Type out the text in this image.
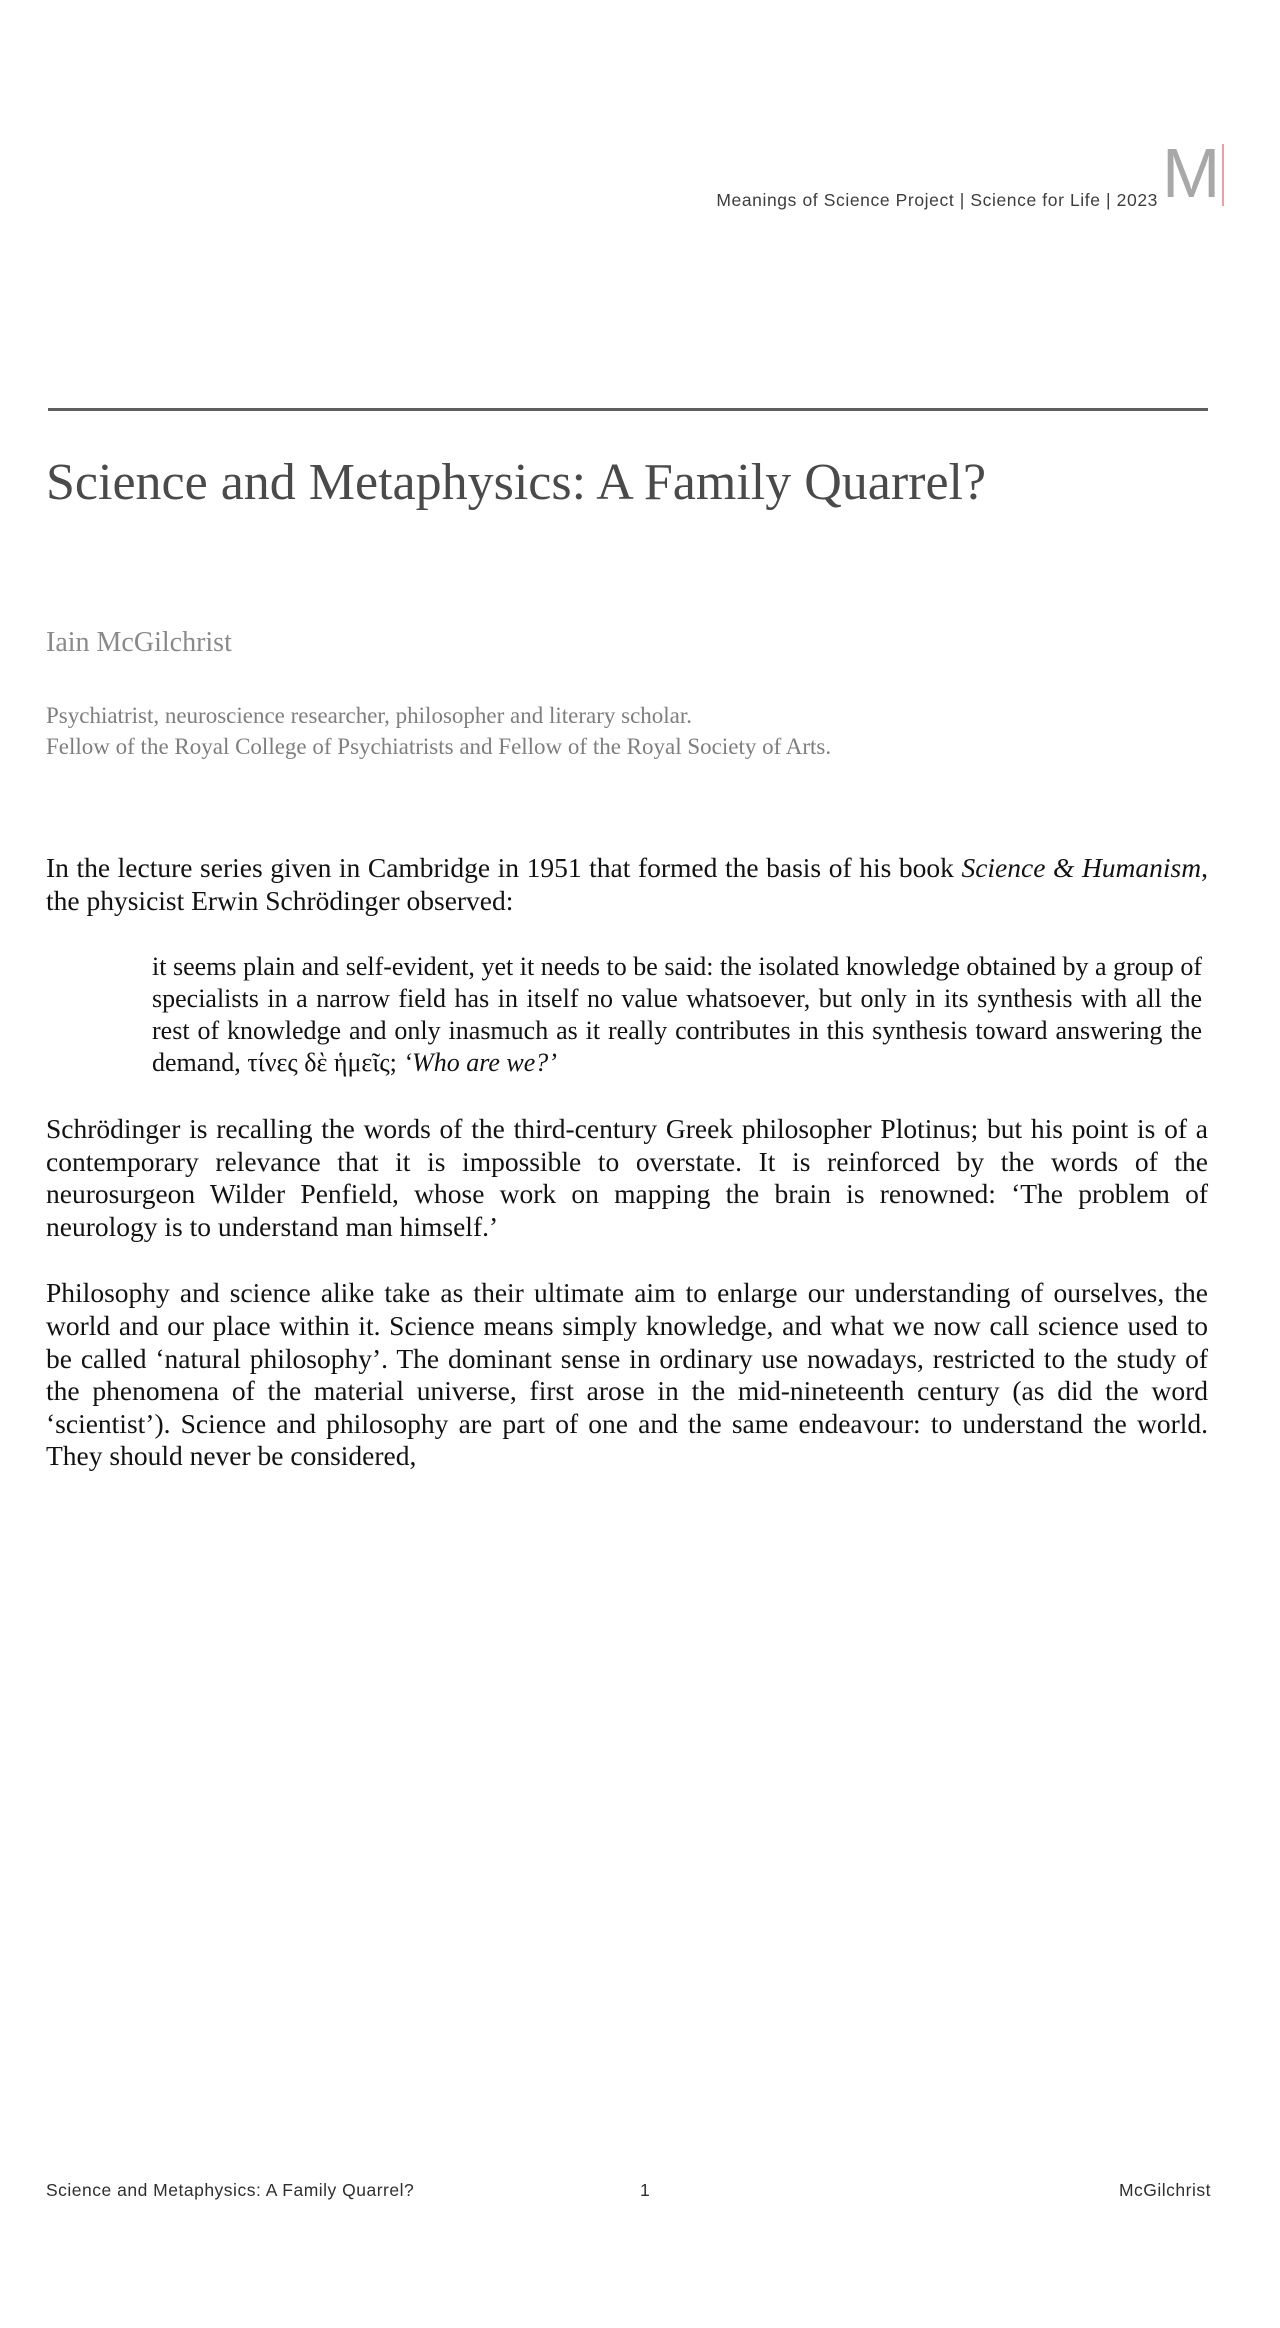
Meanings of Science Project | Science for Life | 2023 M
Science and Metaphysics: A Family Quarrel?
Iain McGilchrist
Psychiatrist, neuroscience researcher, philosopher and literary scholar.
Fellow of the Royal College of Psychiatrists and Fellow of the Royal Society of Arts.

In the lecture series given in Cambridge in 1951 that formed the basis of his book Science & Humanism, the physicist Erwin Schrödinger observed:

it seems plain and self-evident, yet it needs to be said: the isolated knowledge obtained by a group of specialists in a narrow field has in itself no value whatsoever, but only in its synthesis with all the rest of knowledge and only inasmuch as it really contributes in this synthesis toward answering the demand, τίνες δὲ ἡμεῖς; ‘Who are we?’

Schrödinger is recalling the words of the third-century Greek philosopher Plotinus; but his point is of a contemporary relevance that it is impossible to overstate. It is reinforced by the words of the neurosurgeon Wilder Penfield, whose work on mapping the brain is renowned: ‘The problem of neurology is to understand man himself.’

Philosophy and science alike take as their ultimate aim to enlarge our understanding of ourselves, the world and our place within it. Science means simply knowledge, and what we now call science used to be called ‘natural philosophy’. The dominant sense in ordinary use nowadays, restricted to the study of the phenomena of the material universe, first arose in the mid-nineteenth century (as did the word ‘scientist’). Science and philosophy are part of one and the same endeavour: to understand the world. They should never be considered,

Science and Metaphysics: A Family Quarrel?	1	McGilchrist
